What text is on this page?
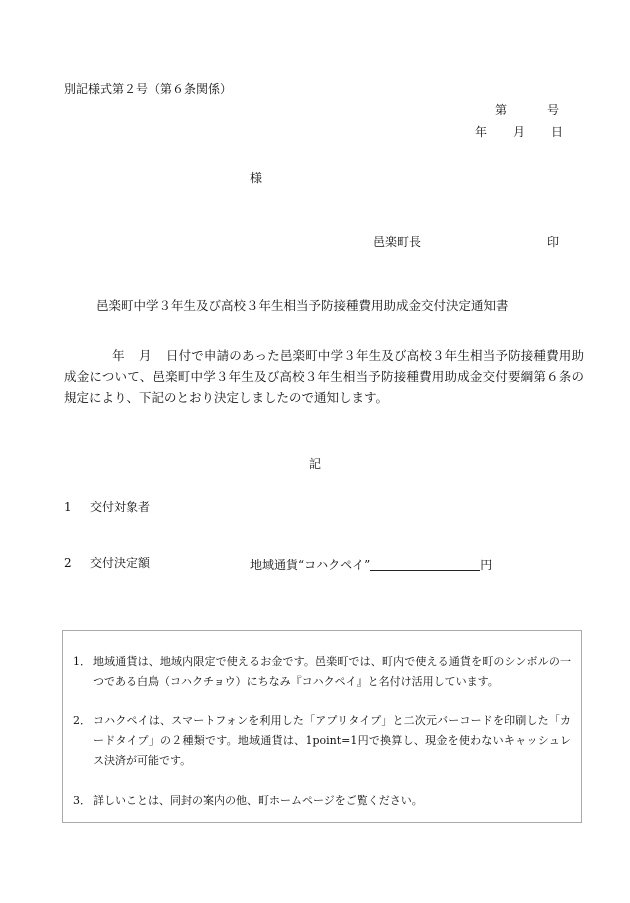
別記様式第２号（第６条関係）
第	号
年 月 日
様
邑楽町長	印
邑楽町中学３年生及び高校３年生相当予防接種費用助成金交付決定通知書

年 月 日付で申請のあった邑楽町中学３年生及び高校３年生相当予防接種費用助成金について、邑楽町中学３年生及び高校３年生相当予防接種費用助成金交付要綱第６条の規定により、下記のとおり決定しましたので通知します。

記
1 交付対象者
2 交付決定額	地域通貨“コハクペイ”	円
1． 地域通貨は、地域内限定で使えるお金です。邑楽町では、町内で使える通貨を町のシンボルの一つである白鳥（コハクチョウ）にちなみ『コハクペイ』と名付け活用しています。
2． コハクペイは、スマートフォンを利用した「アプリタイプ」と二次元バーコードを印刷した「カードタイプ」の２種類です。地域通貨は、1point=1円で換算し、現金を使わないキャッシュレス決済が可能です。
3． 詳しいことは、同封の案内の他、町ホームページをご覧ください。
